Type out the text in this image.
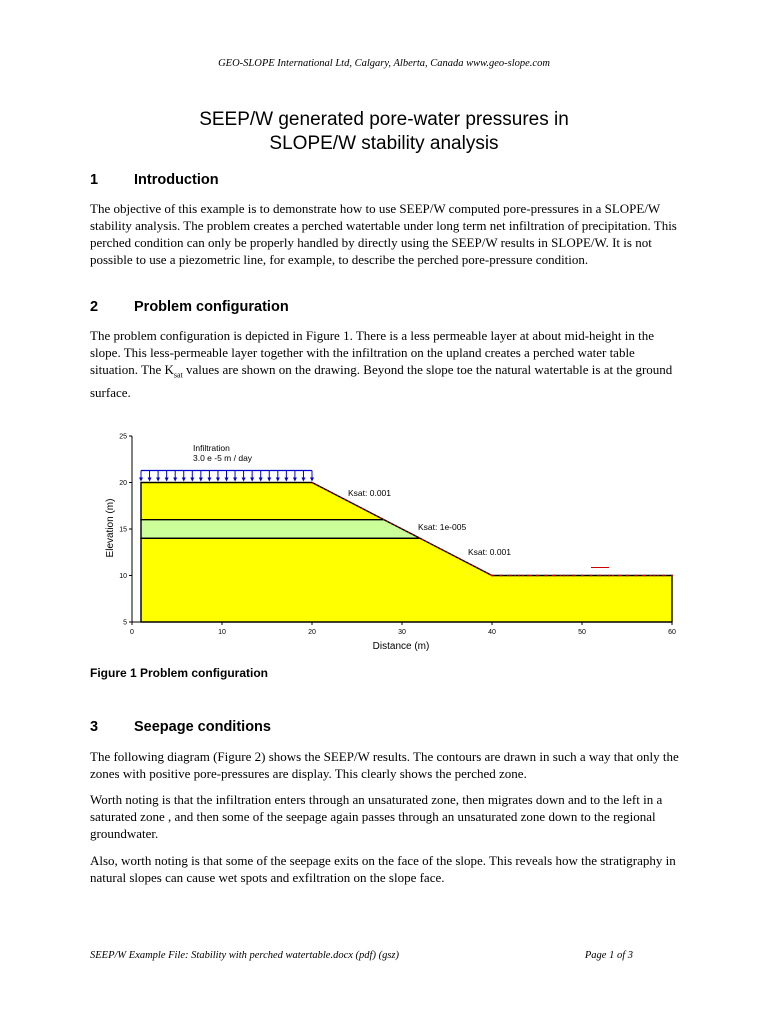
GEO-SLOPE International Ltd, Calgary, Alberta, Canada www.geo-slope.com
SEEP/W generated pore-water pressures in
SLOPE/W stability analysis
1 Introduction
The objective of this example is to demonstrate how to use SEEP/W computed pore-pressures in a SLOPE/W stability analysis. The problem creates a perched watertable under long term net infiltration of precipitation. This perched condition can only be properly handled by directly using the SEEP/W results in SLOPE/W. It is not possible to use a piezometric line, for example, to describe the perched pore-pressure condition.
2 Problem configuration
The problem configuration is depicted in Figure 1. There is a less permeable layer at about mid-height in the slope. This less-permeable layer together with the infiltration on the upland creates a perched water table situation. The $K_{sat}$ values are shown on the drawing. Beyond the slope toe the natural watertable is at the ground surface.
0	10	20	30	40	50	60
5
10
15
20
25
Distance (m)
Elevation (m)
Infiltration
3.0 e -5 m / day
Ksat: 0.001
Ksat: 1e-005
Ksat: 0.001
Figure 1 Problem configuration
3 Seepage conditions
The following diagram (Figure 2) shows the SEEP/W results. The contours are drawn in such a way that only the zones with positive pore-pressures are display. This clearly shows the perched zone.
Worth noting is that the infiltration enters through an unsaturated zone, then migrates down and to the left in a saturated zone , and then some of the seepage again passes through an unsaturated zone down to the regional groundwater.
Also, worth noting is that some of the seepage exits on the face of the slope. This reveals how the stratigraphy in natural slopes can cause wet spots and exfiltration on the slope face.
SEEP/W Example File: Stability with perched watertable.docx (pdf) (gsz)	Page 1 of 3
